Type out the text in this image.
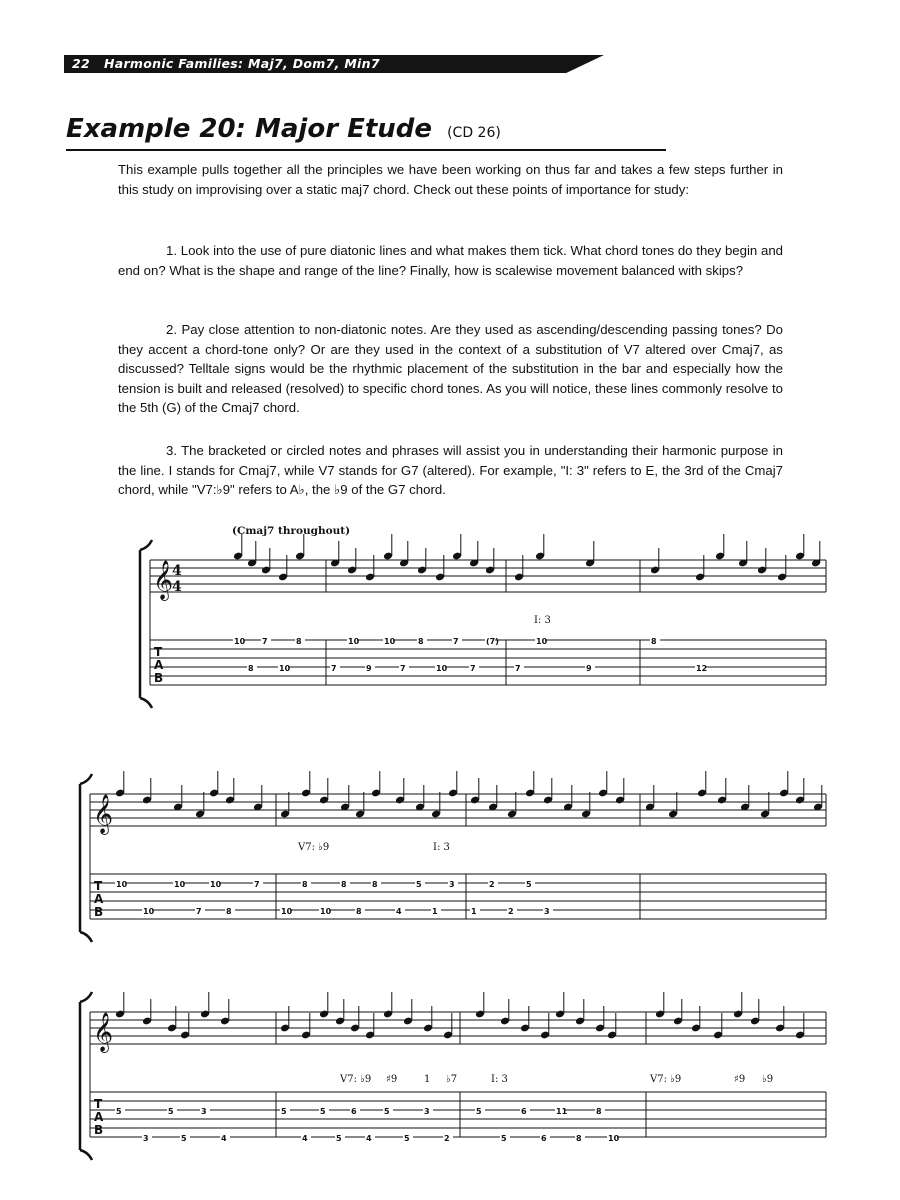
22 Harmonic Families: Maj7, Dom7, Min7
Example 20: Major Etude (CD 26)

This example pulls together all the principles we have been working on thus far and takes a few steps further in this study on improvising over a static maj7 chord. Check out these points of importance for study:

1. Look into the use of pure diatonic lines and what makes them tick. What chord tones do they begin and end on? What is the shape and range of the line? Finally, how is scalewise movement balanced with skips?

2. Pay close attention to non-diatonic notes. Are they used as ascending/descending passing tones? Do they accent a chord-tone only? Or are they used in the context of a substitution of V7 altered over Cmaj7, as discussed? Telltale signs would be the rhythmic placement of the substitution in the bar and especially how the tension is built and released (resolved) to specific chord tones. As you will notice, these lines commonly resolve to the 5th (G) of the Cmaj7 chord.

3. The bracketed or circled notes and phrases will assist you in understanding their harmonic purpose in the line. I stands for Cmaj7, while V7 stands for G7 (altered). For example, "I: 3" refers to E, the 3rd of the Cmaj7 chord, while "V7:♭9" refers to A♭, the ♭9 of the G7 chord.

(Cmaj7 throughout)
𝄞
4
4
T
A
B
10
8
7
10
8
7
10
9
10
7
8
10
7
7
(7)
7
10
9
8
12
I: 3
𝄞
T
A
B
10
10
10
7
10
8
7
10
8
10
8
8
8
4
5
1
3
1
2
2
5
3
V7: ♭9	I: 3
𝄞
T
A
B
5
3
5
5
3
4
5
4
5
5
6
4
5
5
3
2
5
5
6
6
11
8
8
10
V7: ♭9 ♯9	1 ♭7	I: 3	V7: ♭9	♯9 ♭9
